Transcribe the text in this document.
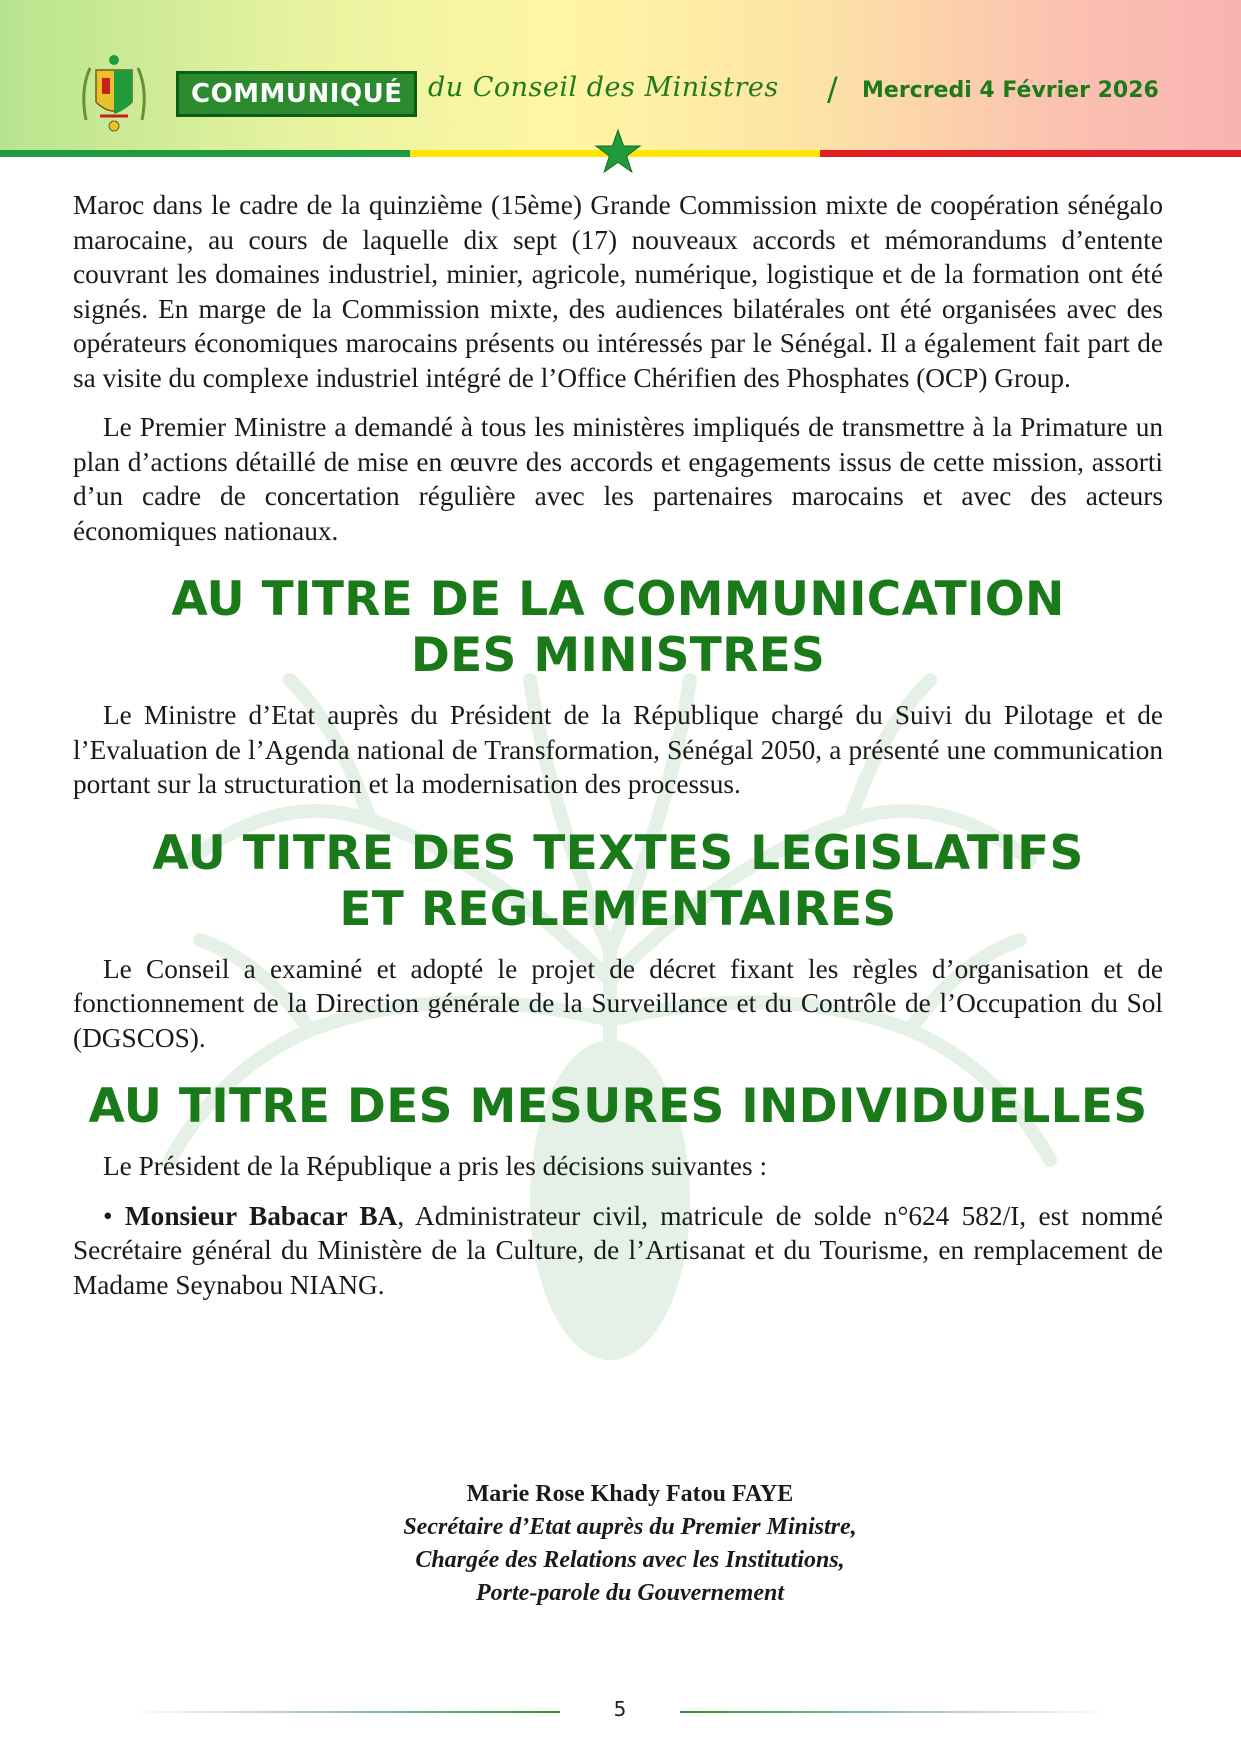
COMMUNIQUÉ du Conseil des Ministres / Mercredi 4 Février 2026

Maroc dans le cadre de la quinzième (15ème) Grande Commission mixte de coopération sénégalo marocaine, au cours de laquelle dix sept (17) nouveaux accords et mémorandums d’entente couvrant les domaines industriel, minier, agricole, numérique, logistique et de la formation ont été signés. En marge de la Commission mixte, des audiences bilatérales ont été organisées avec des opérateurs économiques marocains présents ou intéressés par le Sénégal. Il a également fait part de sa visite du complexe industriel intégré de l’Office Chérifien des Phosphates (OCP) Group.

Le Premier Ministre a demandé à tous les ministères impliqués de transmettre à la Primature un plan d’actions détaillé de mise en œuvre des accords et engagements issus de cette mission, assorti d’un cadre de concertation régulière avec les partenaires marocains et avec des acteurs économiques nationaux.

AU TITRE DE LA COMMUNICATION
DES MINISTRES

Le Ministre d’Etat auprès du Président de la République chargé du Suivi du Pilotage et de l’Evaluation de l’Agenda national de Transformation, Sénégal 2050, a présenté une communication portant sur la structuration et la modernisation des processus.

AU TITRE DES TEXTES LEGISLATIFS
ET REGLEMENTAIRES

Le Conseil a examiné et adopté le projet de décret fixant les règles d’organisation et de fonctionnement de la Direction générale de la Surveillance et du Contrôle de l’Occupation du Sol (DGSCOS).

AU TITRE DES MESURES INDIVIDUELLES

Le Président de la République a pris les décisions suivantes :

• Monsieur Babacar BA, Administrateur civil, matricule de solde n°624 582/I, est nommé Secrétaire général du Ministère de la Culture, de l’Artisanat et du Tourisme, en remplacement de Madame Seynabou NIANG.

Marie Rose Khady Fatou FAYE
Secrétaire d’Etat auprès du Premier Ministre,
Chargée des Relations avec les Institutions,
Porte-parole du Gouvernement
5
